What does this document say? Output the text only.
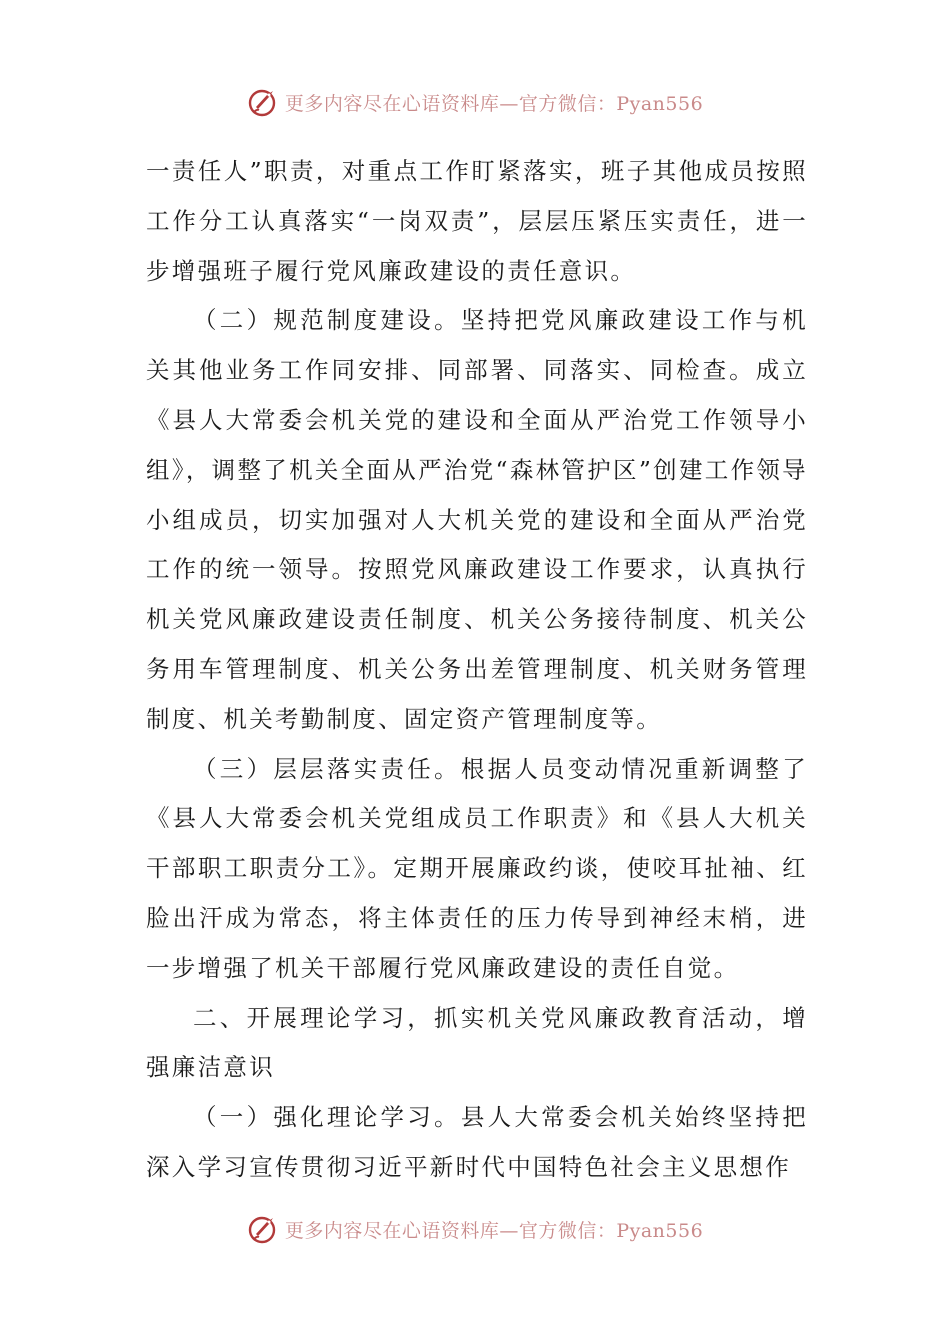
更多内容尽在心语资料库—官方微信：Pyan556

一责任人”职责，对重点工作盯紧落实，班子其他成员按照工作分工认真落实“一岗双责”，层层压紧压实责任，进一步增强班子履行党风廉政建设的责任意识。

（二）规范制度建设。坚持把党风廉政建设工作与机关其他业务工作同安排、同部署、同落实、同检查。成立《县人大常委会机关党的建设和全面从严治党工作领导小组》，调整了机关全面从严治党“森林管护区”创建工作领导小组成员，切实加强对人大机关党的建设和全面从严治党工作的统一领导。按照党风廉政建设工作要求，认真执行机关党风廉政建设责任制度、机关公务接待制度、机关公务用车管理制度、机关公务出差管理制度、机关财务管理制度、机关考勤制度、固定资产管理制度等。

（三）层层落实责任。根据人员变动情况重新调整了《县人大常委会机关党组成员工作职责》和《县人大机关干部职工职责分工》。定期开展廉政约谈，使咬耳扯袖、红脸出汗成为常态，将主体责任的压力传导到神经末梢，进一步增强了机关干部履行党风廉政建设的责任自觉。

二、开展理论学习，抓实机关党风廉政教育活动，增强廉洁意识

（一）强化理论学习。县人大常委会机关始终坚持把深入学习宣传贯彻习近平新时代中国特色社会主义思想作

更多内容尽在心语资料库—官方微信：Pyan556
